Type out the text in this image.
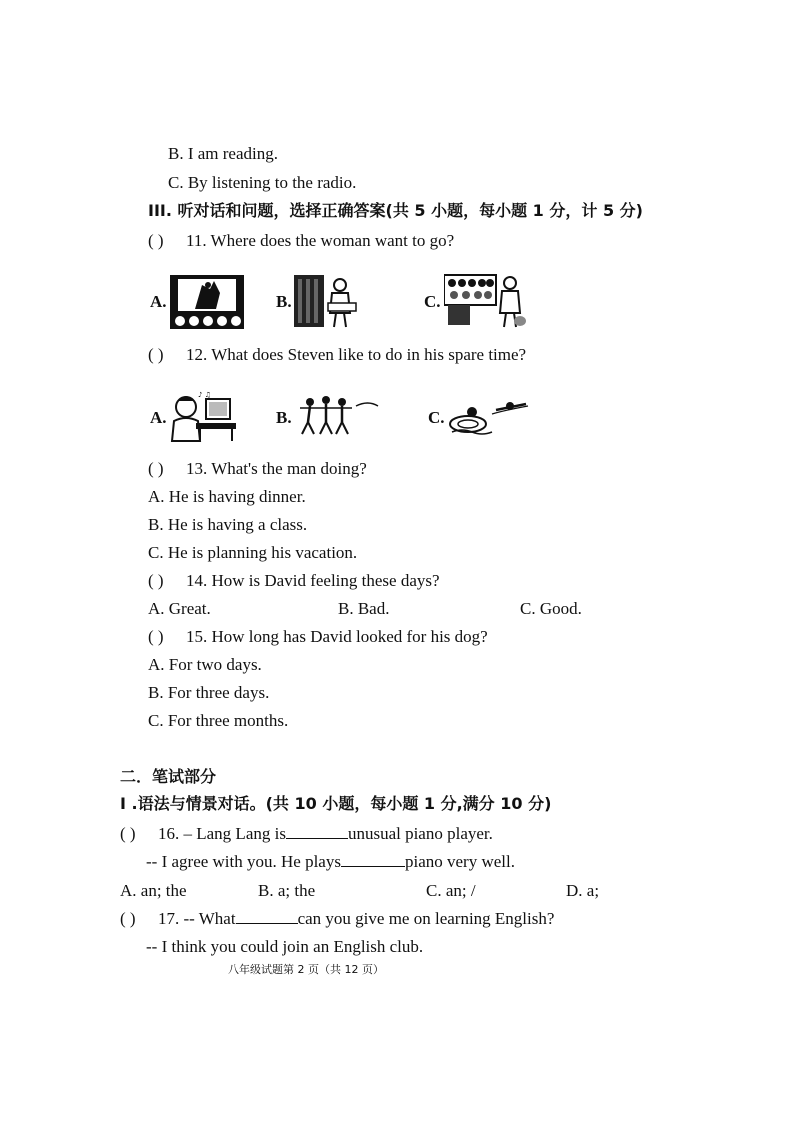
B. I am reading.
C. By listening to the radio.
III. 听对话和问题，选择正确答案(共 5 小题，每小题 1 分，计 5 分)
( ) 11. Where does the woman want to go?
A.	B.	C.
( ) 12. What does Steven like to do in his spare time?
A.
♪ ♫
B.	C.
( ) 13. What's the man doing?
A. He is having dinner.
B. He is having a class.
C. He is planning his vacation.
( ) 14. How is David feeling these days?
A. Great.	B. Bad.	C. Good.
( ) 15. How long has David looked for his dog?
A. For two days.
B. For three days.
C. For three months.
二．笔试部分
I .语法与情景对话。(共 10 小题，每小题 1 分,满分 10 分)
( ) 16. – Lang Lang is	unusual piano player.
-- I agree with you. He plays	piano very well.
A. an; the	B. a; the	C. an; /	D. a;
( ) 17. -- What	can you give me on learning English?
-- I think you could join an English club.
八年级试题第 2 页（共 12 页）
